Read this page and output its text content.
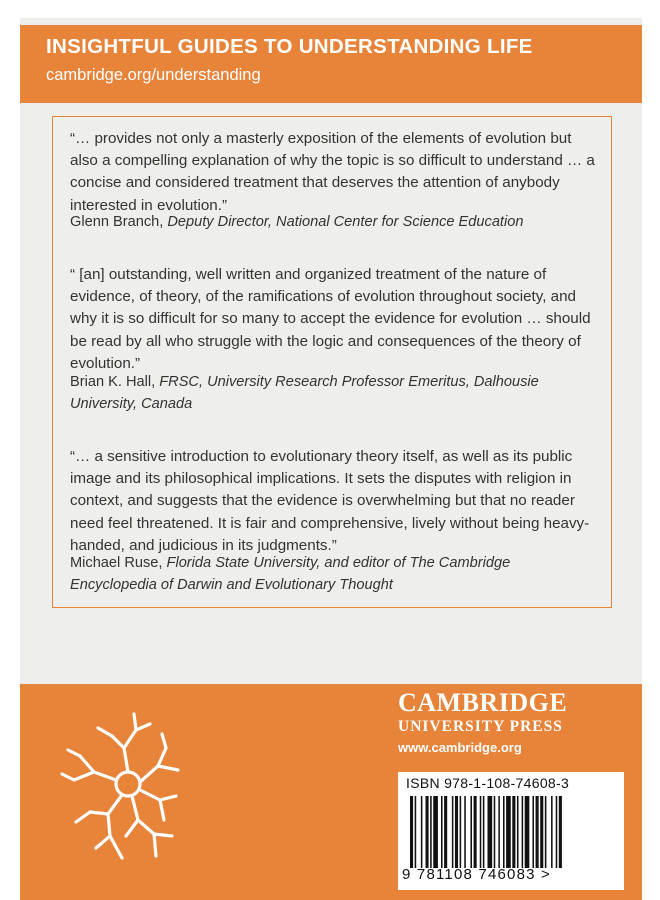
INSIGHTFUL GUIDES TO UNDERSTANDING LIFE
cambridge.org/understanding
“… provides not only a masterly exposition of the elements of evolution but also a compelling explanation of why the topic is so difficult to understand … a concise and considered treatment that deserves the attention of anybody interested in evolution.”
Glenn Branch, Deputy Director, National Center for Science Education
“ [an] outstanding, well written and organized treatment of the nature of evidence, of theory, of the ramifications of evolution throughout society, and why it is so difficult for so many to accept the evidence for evolution … should be read by all who struggle with the logic and consequences of the theory of evolution.”
Brian K. Hall, FRSC, University Research Professor Emeritus, Dalhousie University, Canada
“… a sensitive introduction to evolutionary theory itself, as well as its public image and its philosophical implications. It sets the disputes with religion in context, and suggests that the evidence is overwhelming but that no reader need feel threatened. It is fair and comprehensive, lively without being heavy-handed, and judicious in its judgments.”
Michael Ruse, Florida State University, and editor of The Cambridge Encyclopedia of Darwin and Evolutionary Thought
CAMBRIDGE
UNIVERSITY PRESS
www.cambridge.org
ISBN 978-1-108-74608-3
9 781108 746083 >
